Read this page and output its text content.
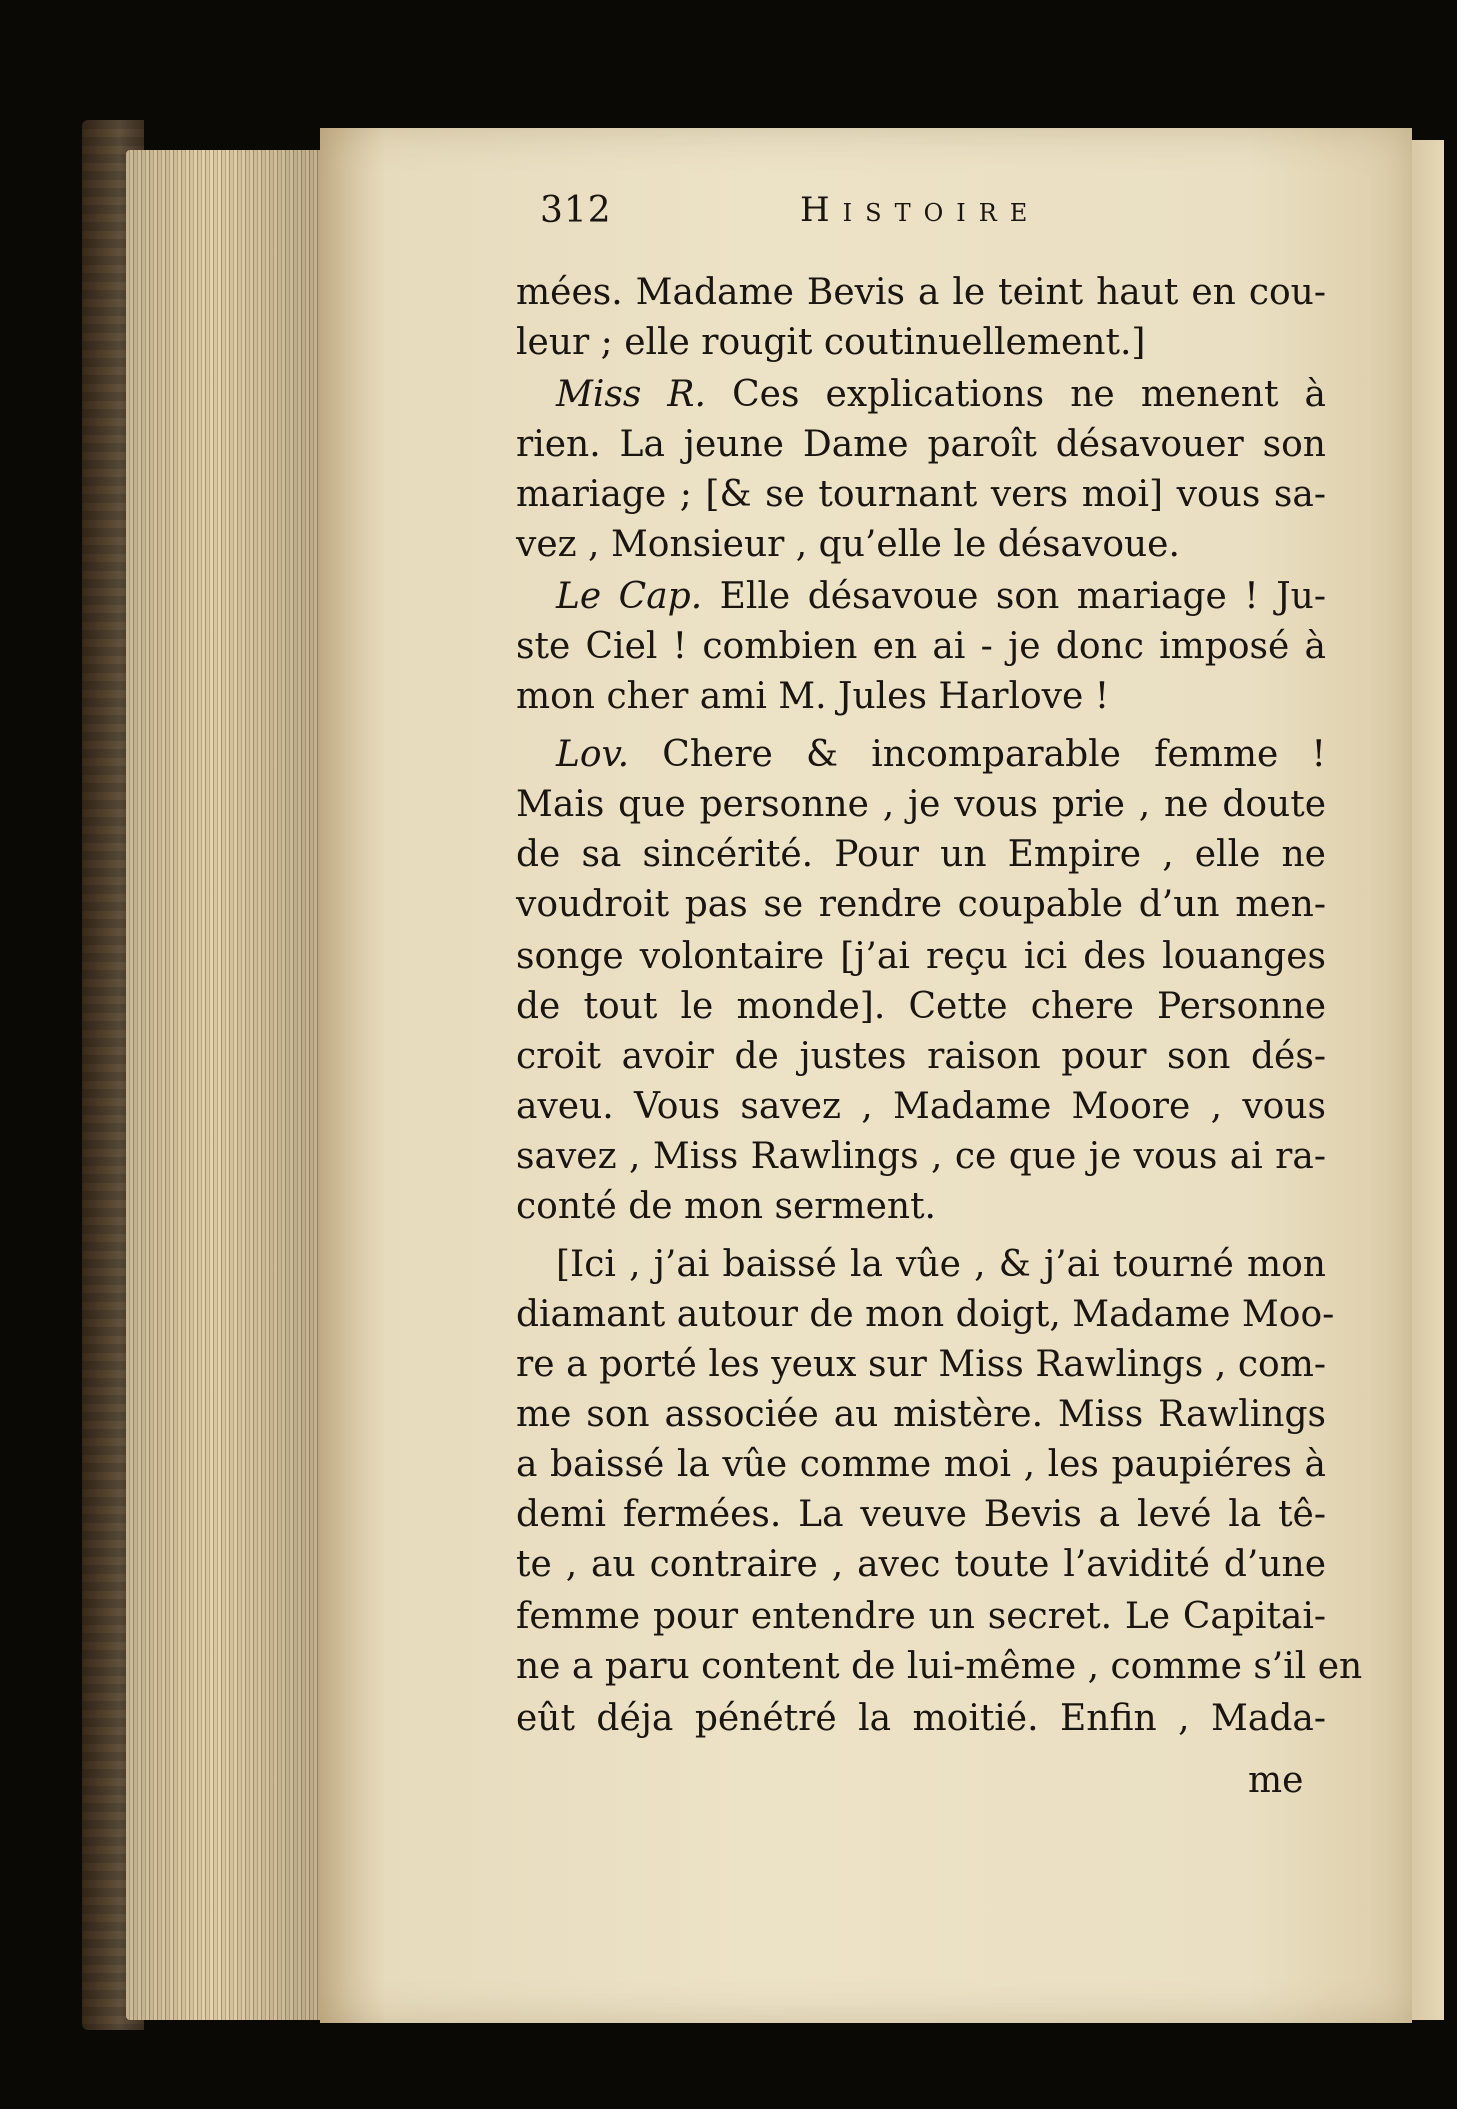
312	Histoire
mées. Madame Bevis a le teint haut en cou-
leur ; elle rougit coutinuellement.]
Miss R. Ces explications ne menent à
rien. La jeune Dame paroît désavouer son
mariage ; [& se tournant vers moi] vous sa-
vez , Monsieur , qu’elle le désavoue.
Le Cap. Elle désavoue son mariage ! Ju-
ste Ciel ! combien en ai - je donc imposé à
mon cher ami M. Jules Harlove !
Lov. Chere & incomparable femme !
Mais que personne , je vous prie , ne doute
de sa sincérité. Pour un Empire , elle ne
voudroit pas se rendre coupable d’un men-
songe volontaire [j’ai reçu ici des louanges
de tout le monde]. Cette chere Personne
croit avoir de justes raison pour son dés-
aveu. Vous savez , Madame Moore , vous
savez , Miss Rawlings , ce que je vous ai ra-
conté de mon serment.
[Ici , j’ai baissé la vûe , & j’ai tourné mon
diamant autour de mon doigt, Madame Moo-
re a porté les yeux sur Miss Rawlings , com-
me son associée au mistère. Miss Rawlings
a baissé la vûe comme moi , les paupiéres à
demi fermées. La veuve Bevis a levé la tê-
te , au contraire , avec toute l’avidité d’une
femme pour entendre un secret. Le Capitai-
ne a paru content de lui-même , comme s’il en
eût déja pénétré la moitié. Enfin , Mada-
me
